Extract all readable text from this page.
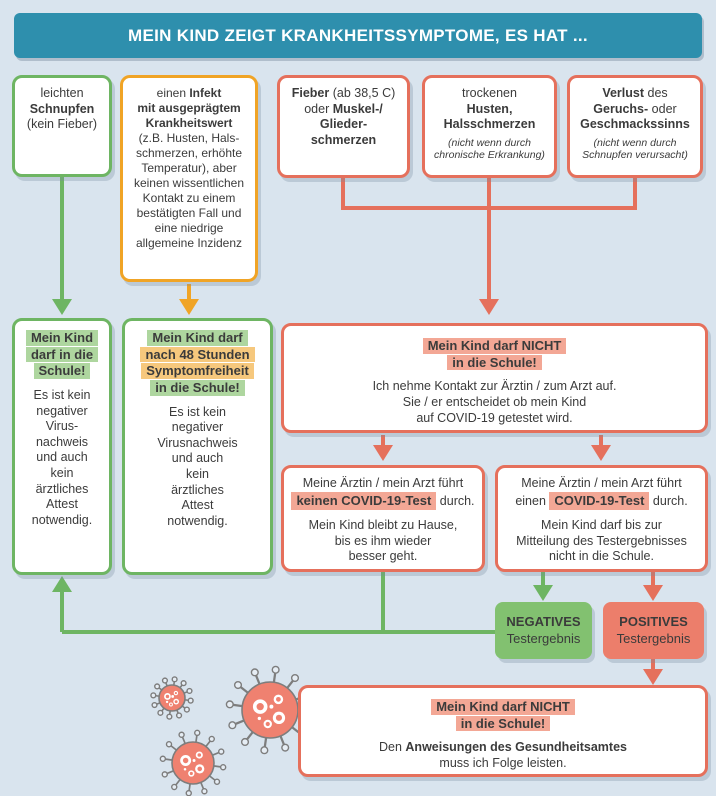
MEIN KIND ZEIGT KRANKHEITSSYMPTOME, ES HAT ...
leichten
Schnupfen
(kein Fieber)
einen Infekt
mit ausgeprägtem
Krankheitswert
(z.B. Husten, Hals-schmerzen, erhöhte Temperatur), aber keinen wissentlichen Kontakt zu einem bestätigten Fall und eine niedrige allgemeine Inzidenz
Fieber (ab 38,5 C)
oder Muskel-/
Glieder-
schmerzen
trockenen
Husten,
Halsschmerzen
(nicht wenn durch chronische Erkrankung)
Verlust des
Geruchs- oder
Geschmackssinns
(nicht wenn durch Schnupfen verursacht)
Mein Kind
darf in die
Schule!
Es ist kein
negativer
Virus-
nachweis
und auch
kein
ärztliches
Attest
notwendig.
Mein Kind darf
nach 48 Stunden
Symptomfreiheit
in die Schule!
Es ist kein
negativer
Virusnachweis
und auch
kein
ärztliches
Attest
notwendig.
Mein Kind darf NICHT
in die Schule!
Ich nehme Kontakt zur Ärztin / zum Arzt auf.
Sie / er entscheidet ob mein Kind
auf COVID-19 getestet wird.
Meine Ärztin / mein Arzt führt
keinen COVID-19-Test durch.
Mein Kind bleibt zu Hause,
bis es ihm wieder
besser geht.
Meine Ärztin / mein Arzt führt
einen COVID-19-Test durch.
Mein Kind darf bis zur
Mitteilung des Testergebnisses
nicht in die Schule.
NEGATIVES
Testergebnis
POSITIVES
Testergebnis
Mein Kind darf NICHT
in die Schule!
Den Anweisungen des Gesundheitsamtes
muss ich Folge leisten.
